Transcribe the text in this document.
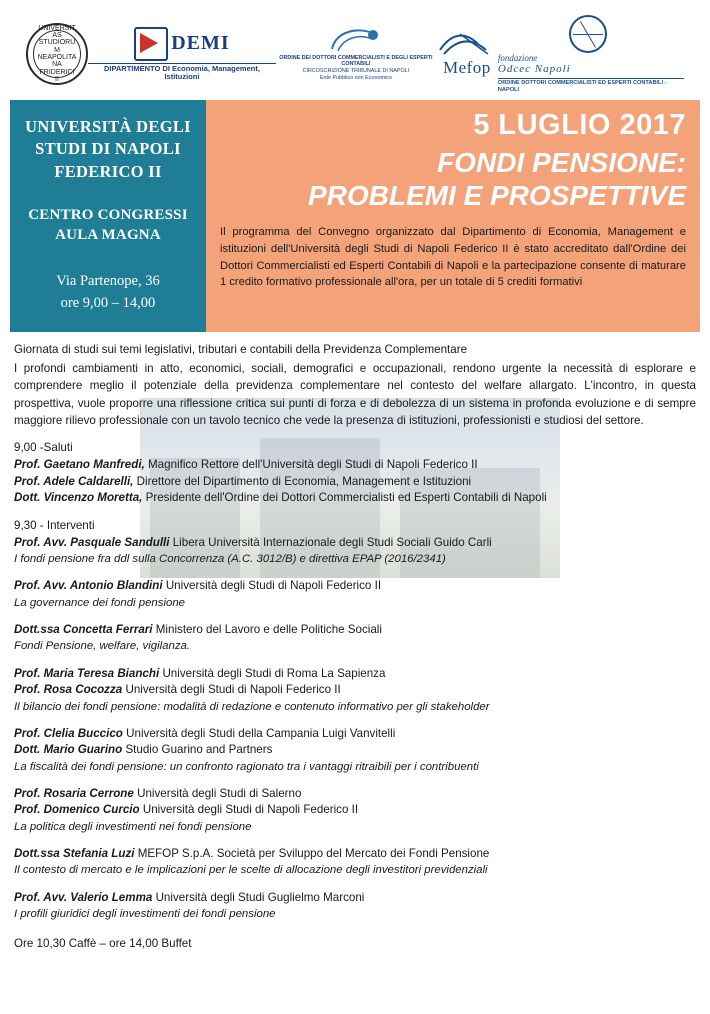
UNIVERSITAS STUDIORUM NEAPOLITANA FRIDERICI II
DEMI
DIPARTIMENTO DI Economia, Management, Istituzioni
ORDINE DEI DOTTORI COMMERCIALISTI E DEGLI ESPERTI CONTABILI
CIRCOSCRIZIONE TRIBUNALE DI NAPOLI
Ente Pubblico non Economico
Mefop
fondazione
Odcec Napoli
ORDINE DOTTORI COMMERCIALISTI ED ESPERTI CONTABILI - NAPOLI
UNIVERSITÀ DEGLI STUDI DI NAPOLI FEDERICO II
CENTRO CONGRESSI AULA MAGNA
Via Partenope, 36
ore 9,00 – 14,00
5 LUGLIO 2017
FONDI PENSIONE:
PROBLEMI E PROSPETTIVE
Il programma del Convegno organizzato dal Dipartimento di Economia, Management e istituzioni dell'Università degli Studi di Napoli Federico II è stato accreditato dall'Ordine dei Dottori Commercialisti ed Esperti Contabili di Napoli e la partecipazione consente di maturare 1 credito formativo professionale all'ora, per un totale di 5 crediti formativi
Giornata di studi sui temi legislativi, tributari e contabili della Previdenza Complementare
I profondi cambiamenti in atto, economici, sociali, demografici e occupazionali, rendono urgente la necessità di esplorare e comprendere meglio il potenziale della previdenza complementare nel contesto del welfare allargato. L'incontro, in questa prospettiva, vuole proporre una riflessione critica sui punti di forza e di debolezza di un sistema in profonda evoluzione e di sempre maggiore rilievo professionale con un tavolo tecnico che vede la presenza di istituzioni, professionisti e studiosi del settore.
9,00 -Saluti
Prof. Gaetano Manfredi, Magnifico Rettore dell'Università degli Studi di Napoli Federico II
Prof. Adele Caldarelli, Direttore del Dipartimento di Economia, Management e Istituzioni
Dott. Vincenzo Moretta, Presidente dell'Ordine dei Dottori Commercialisti ed Esperti Contabili di Napoli
9,30 - Interventi
Prof. Avv. Pasquale Sandulli Libera Università Internazionale degli Studi Sociali Guido Carli
I fondi pensione fra ddl sulla Concorrenza (A.C. 3012/B) e direttiva EPAP (2016/2341)
Prof. Avv. Antonio Blandini Università degli Studi di Napoli Federico II
La governance dei fondi pensione
Dott.ssa Concetta Ferrari Ministero del Lavoro e delle Politiche Sociali
Fondi Pensione, welfare, vigilanza.
Prof. Maria Teresa Bianchi Università degli Studi di Roma La Sapienza
Prof. Rosa Cocozza Università degli Studi di Napoli Federico II
Il bilancio dei fondi pensione: modalità di redazione e contenuto informativo per gli stakeholder
Prof. Clelia Buccico Università degli Studi della Campania Luigi Vanvitelli
Dott. Mario Guarino Studio Guarino and Partners
La fiscalità dei fondi pensione: un confronto ragionato tra i vantaggi ritraibili per i contribuenti
Prof. Rosaria Cerrone Università degli Studi di Salerno
Prof. Domenico Curcio Università degli Studi di Napoli Federico II
La politica degli investimenti nei fondi pensione
Dott.ssa Stefania Luzi MEFOP S.p.A. Società per Sviluppo del Mercato dei Fondi Pensione
Il contesto di mercato e le implicazioni per le scelte di allocazione degli investitori previdenziali
Prof. Avv. Valerio Lemma Università degli Studi Guglielmo Marconi
I profili giuridici degli investimenti dei fondi pensione
Ore 10,30 Caffè – ore 14,00 Buffet
